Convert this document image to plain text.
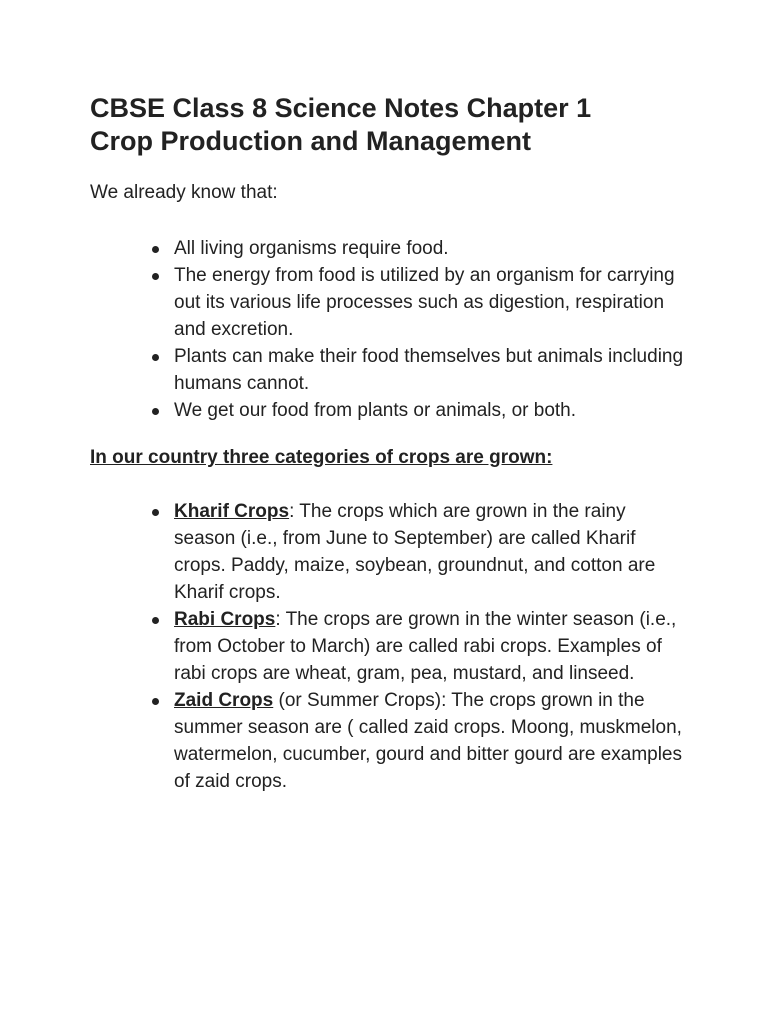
CBSE Class 8 Science Notes Chapter 1
Crop Production and Management

We already know that:

All living organisms require food.
The energy from food is utilized by an organism for carrying out its various life processes such as digestion, respiration and excretion.
Plants can make their food themselves but animals including humans cannot.
We get our food from plants or animals, or both.

In our country three categories of crops are grown:

Kharif Crops: The crops which are grown in the rainy season (i.e., from June to September) are called Kharif crops. Paddy, maize, soybean, groundnut, and cotton are Kharif crops.
Rabi Crops: The crops are grown in the winter season (i.e., from October to March) are called rabi crops. Examples of rabi crops are wheat, gram, pea, mustard, and linseed.
Zaid Crops (or Summer Crops): The crops grown in the summer season are ( called zaid crops. Moong, muskmelon, watermelon, cucumber, gourd and bitter gourd are examples of zaid crops.
